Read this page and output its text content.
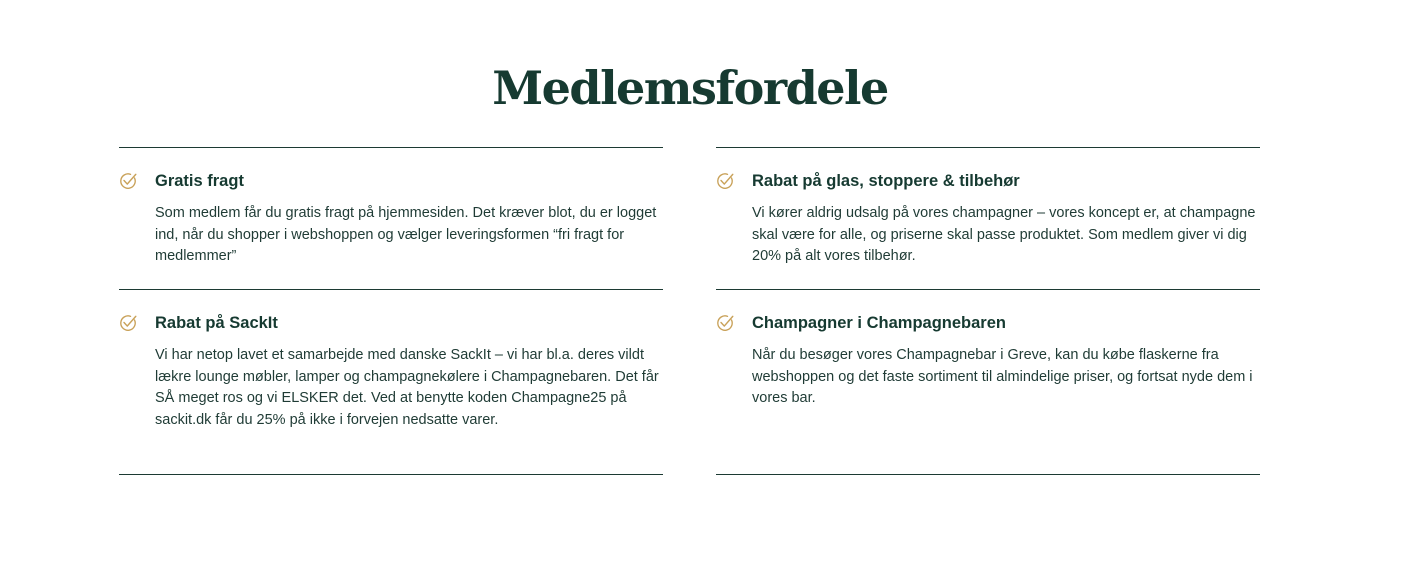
Medlemsfordele
Gratis fragt

Som medlem får du gratis fragt på hjemmesiden. Det kræver blot, du er logget ind, når du shopper i webshoppen og vælger leveringsformen “fri fragt for medlemmer”

Rabat på SackIt

Vi har netop lavet et samarbejde med danske SackIt – vi har bl.a. deres vildt lækre lounge møbler, lamper og champagnekølere i Champagnebaren. Det får SÅ meget ros og vi ELSKER det. Ved at benytte koden Champagne25 på sackit.dk får du 25% på ikke i forvejen nedsatte varer.

Rabat på glas, stoppere & tilbehør

Vi kører aldrig udsalg på vores champagner – vores koncept er, at champagne skal være for alle, og priserne skal passe produktet. Som medlem giver vi dig 20% på alt vores tilbehør.

Champagner i Champagnebaren

Når du besøger vores Champagnebar i Greve, kan du købe flaskerne fra webshoppen og det faste sortiment til almindelige priser, og fortsat nyde dem i vores bar.
